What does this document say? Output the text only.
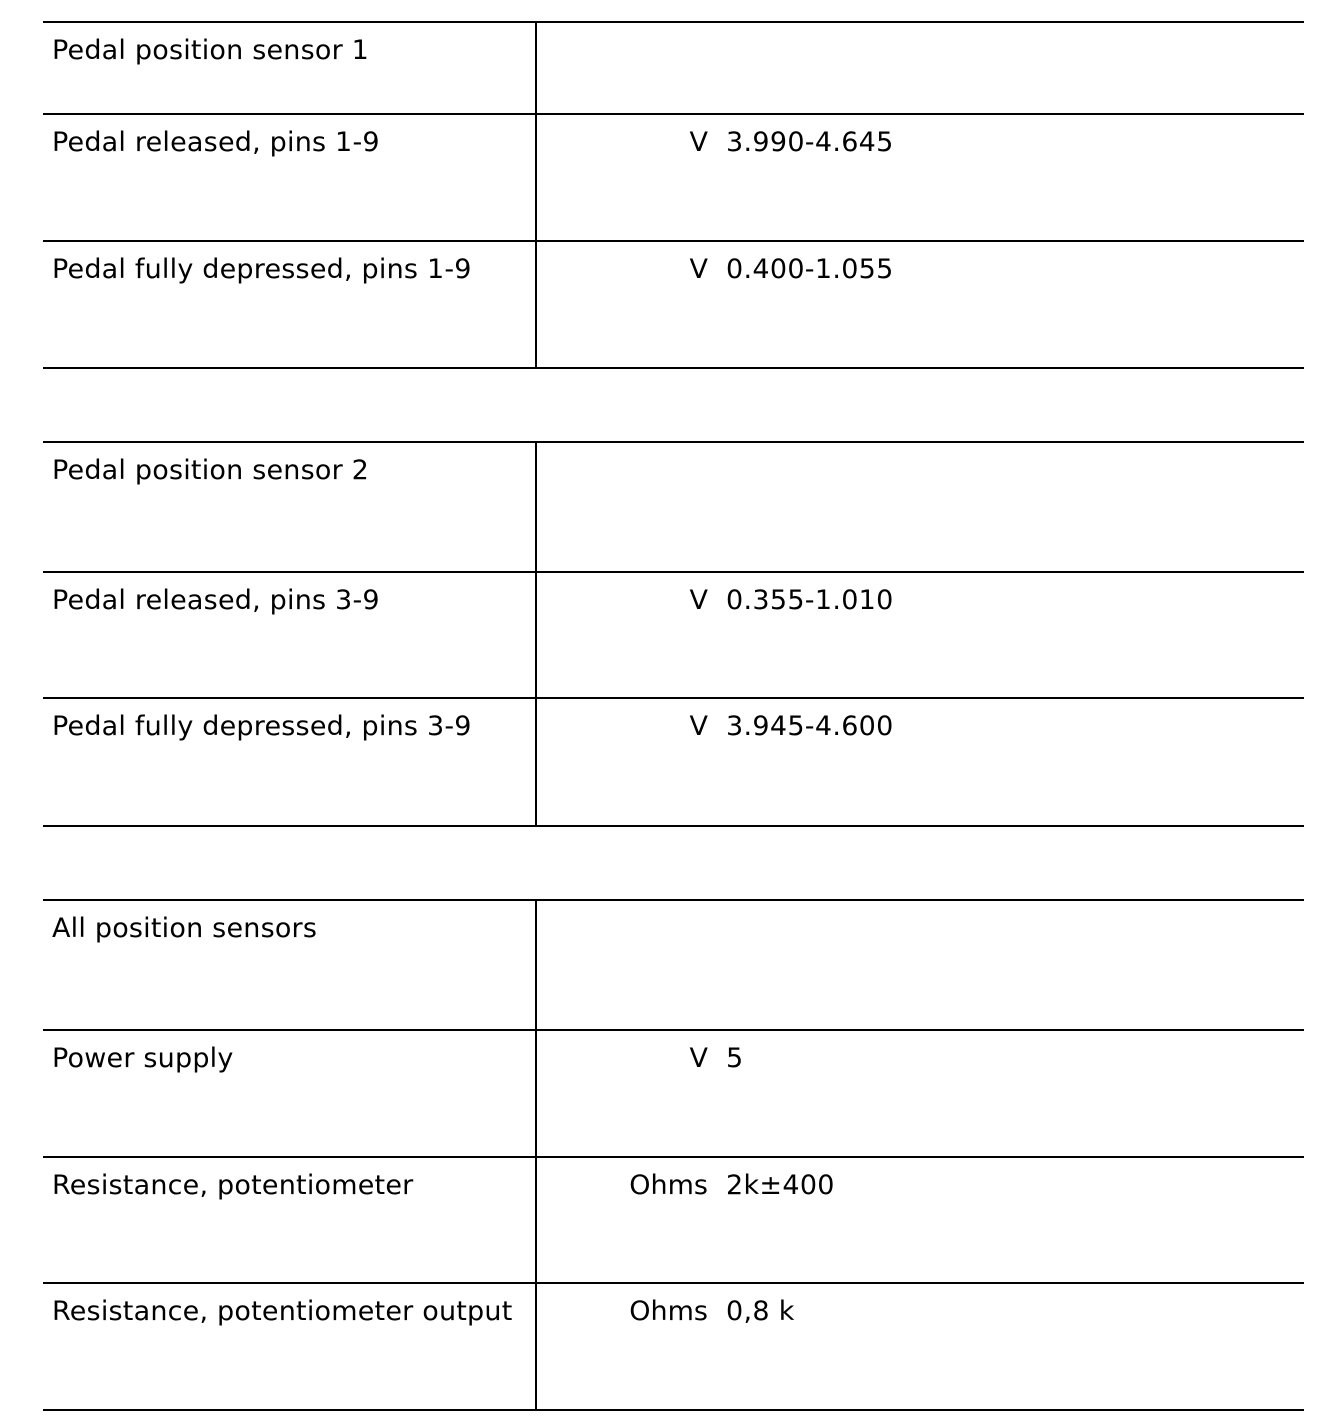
Pedal position sensor 1
Pedal released, pins 1-9	V 3.990-4.645
Pedal fully depressed, pins 1-9	V 0.400-1.055
Pedal position sensor 2
Pedal released, pins 3-9	V 0.355-1.010
Pedal fully depressed, pins 3-9	V 3.945-4.600
All position sensors
Power supply	V 5
Resistance, potentiometer	Ohms 2k±400
Resistance, potentiometer output	Ohms 0,8 k
